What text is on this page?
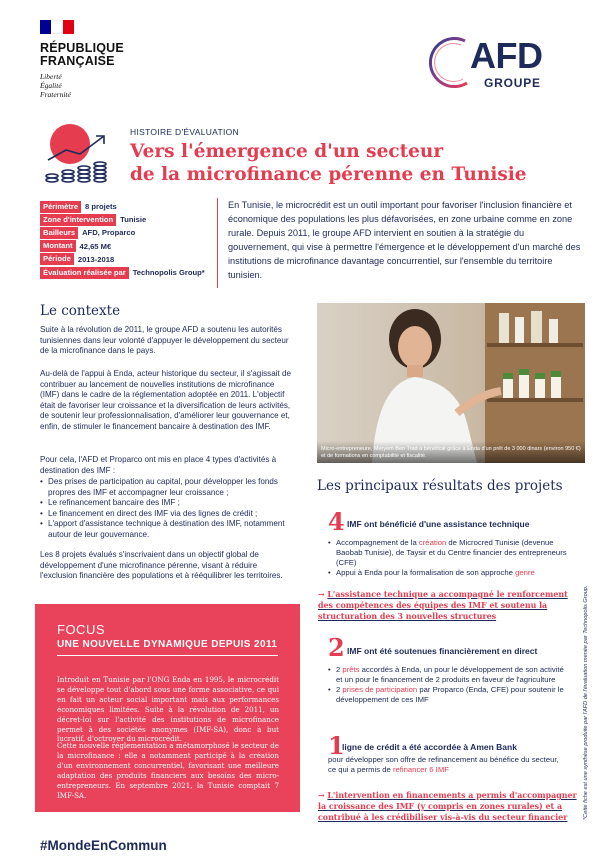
RÉPUBLIQUE
FRANÇAISE
Liberté
Égalité
Fraternité
AFD
GROUPE
HISTOIRE D'ÉVALUATION
Vers l'émergence d'un secteur
de la microfinance pérenne en Tunisie
Périmètre 8 projets
Zone d'intervention Tunisie
Bailleurs AFD, Proparco
Montant 42,65 M€
Période 2013-2018
Évaluation réalisée par Technopolis Group*
En Tunisie, le microcrédit est un outil important pour favoriser l'inclusion financière et économique des populations les plus défavorisées, en zone urbaine comme en zone rurale. Depuis 2011, le groupe AFD intervient en soutien à la stratégie du gouvernement, qui vise à permettre l'émergence et le développement d'un marché des institutions de microfinance davantage concurrentiel, sur l'ensemble du territoire tunisien.
Le contexte
Suite à la révolution de 2011, le groupe AFD a soutenu les autorités tunisiennes dans leur volonté d'appuyer le développement du secteur de la microfinance dans le pays.
Au-delà de l'appui à Enda, acteur historique du secteur, il s'agissait de contribuer au lancement de nouvelles institutions de microfinance (IMF) dans le cadre de la réglementation adoptée en 2011. L'objectif était de favoriser leur croissance et la diversification de leurs activités, de soutenir leur professionnalisation, d'améliorer leur gouvernance et, enfin, de stimuler le financement bancaire à destination des IMF.
Pour cela, l'AFD et Proparco ont mis en place 4 types d'activités à destination des IMF :
• Des prises de participation au capital, pour développer les fonds propres des IMF et accompagner leur croissance ;
• Le refinancement bancaire des IMF ;
• Le financement en direct des IMF via des lignes de crédit ;
• L'apport d'assistance technique à destination des IMF, notamment autour de leur gouvernance.
Les 8 projets évalués s'inscrivaient dans un objectif global de développement d'une microfinance pérenne, visant à réduire l'exclusion financière des populations et à rééquilibrer les territoires.
FOCUS
UNE NOUVELLE DYNAMIQUE DEPUIS 2011
Introduit en Tunisie par l'ONG Enda en 1995, le microcrédit se développe tout d'abord sous une forme associative, ce qui en fait un acteur social important mais aux performances économiques limitées. Suite à la révolution de 2011, un décret-loi sur l'activité des institutions de microfinance permet à des sociétés anonymes (IMF-SA), donc à but lucratif, d'octroyer du microcrédit.
Cette nouvelle réglementation a métamorphosé le secteur de la microfinance : elle a notamment participé à la création d'un environnement concurrentiel, favorisant une meilleure adaptation des produits financiers aux besoins des micro-entrepreneurs. En septembre 2021, la Tunisie comptait 7 IMF-SA.
#MondeEnCommun
Micro-entrepreneure, Meryem Ben Trad a bénéficié grâce à Enda d'un prêt de 3 000 dinars (environ 950 €) et de formations en comptabilité et fiscalité.
Les principaux résultats des projets
4 IMF ont bénéficié d'une assistance technique
• Accompagnement de la création de Microcred Tunisie (devenue Baobab Tunisie), de Taysir et du Centre financier des entrepreneurs (CFE)
• Appui à Enda pour la formalisation de son approche genre
→ L'assistance technique a accompagné le renforcement des compétences des équipes des IMF et soutenu la structuration des 3 nouvelles structures
2 IMF ont été soutenues financièrement en direct
• 2 prêts accordés à Enda, un pour le développement de son activité et un pour le financement de 2 produits en faveur de l'agriculture
• 2 prises de participation par Proparco (Enda, CFE) pour soutenir le développement de ces IMF
1
ligne de crédit a été accordée à Amen Bank
pour développer son offre de refinancement au bénéfice du secteur, ce qui a permis de refinancer 6 IMF
→ L'intervention en financements a permis d'accompagner la croissance des IMF (y compris en zones rurales) et a contribué à les crédibiliser vis-à-vis du secteur financier	*Cette fiche est une synthèse produite par l'AFD de l'évaluation menée par Technopolis Group.
